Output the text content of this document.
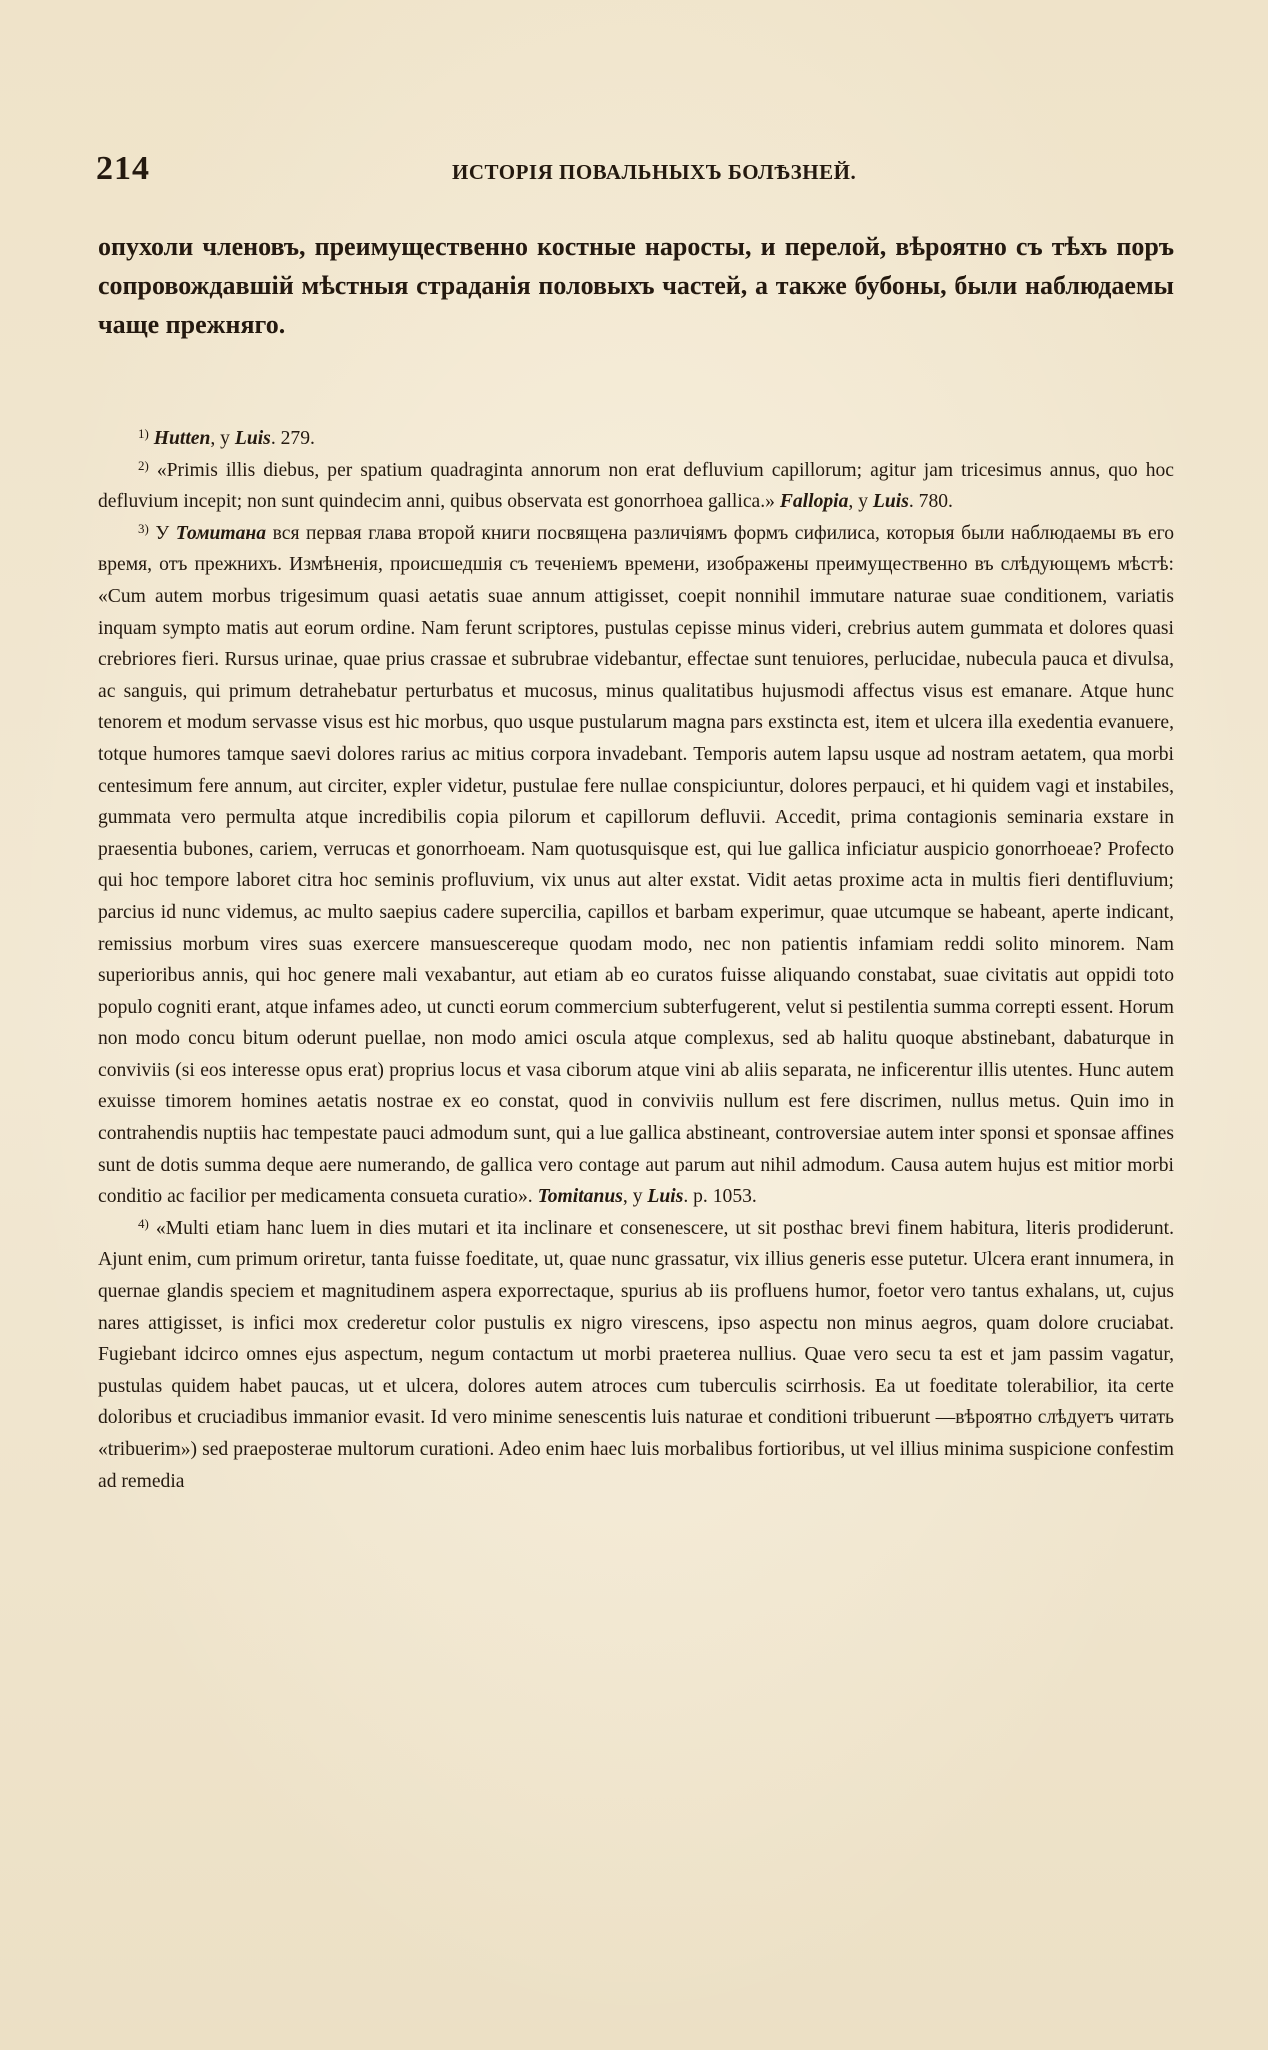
214	ИСТОРІЯ ПОВАЛЬНЫХЪ БОЛѢЗНЕЙ.
опухоли членовъ, преимущественно костные наросты, и перелой, вѣроятно съ тѣхъ поръ сопровождавшій мѣстныя страданія половыхъ частей, а также бубоны, были наблюдаемы чаще прежняго.

$^{1)}$ Hutten, у Luis. 279.

$^{2)}$ «Primis illis diebus, per spatium quadraginta annorum non erat defluvium capillorum; agitur jam tricesimus annus, quo hoc defluvium incepit; non sunt quindecim anni, quibus observata est gonorrhoea gallica.» Fallopia, у Luis. 780.

$^{3)}$ У Томитана вся первая глава второй книги посвящена различіямъ формъ сифилиса, которыя были наблюдаемы въ его время, отъ прежнихъ. Измѣненія, происшедшія съ теченіемъ времени, изображены преимущественно въ слѣдующемъ мѣстѣ: «Cum autem morbus trigesimum quasi aetatis suae annum attigisset, coepit nonnihil immutare naturae suae conditionem, variatis inquam sympto matis aut eorum ordine. Nam ferunt scriptores, pustulas cepisse minus videri, crebrius autem gummata et dolores quasi crebriores fieri. Rursus urinae, quae prius crassae et subrubrae videbantur, effectae sunt tenuiores, perlucidae, nubecula pauca et divulsa, ac sanguis, qui primum detrahebatur perturbatus et mucosus, minus qualitatibus hujusmodi affectus visus est emanare. Atque hunc tenorem et modum servasse visus est hic morbus, quo usque pustularum magna pars exstincta est, item et ulcera illa exedentia evanuere, totque humores tamque saevi dolores rarius ac mitius corpora invadebant. Temporis autem lapsu usque ad nostram aetatem, qua morbi centesimum fere annum, aut circiter, expler videtur, pustulae fere nullae conspiciuntur, dolores perpauci, et hi quidem vagi et instabiles, gummata vero permulta atque incredibilis copia pilorum et capillorum defluvii. Accedit, prima contagionis seminaria exstare in praesentia bubones, cariem, verrucas et gonorrhoeam. Nam quotusquisque est, qui lue gallica inficiatur auspicio gonorrhoeae? Profecto qui hoc tempore laboret citra hoc seminis profluvium, vix unus aut alter exstat. Vidit aetas proxime acta in multis fieri dentifluvium; parcius id nunc videmus, ac multo saepius cadere supercilia, capillos et barbam experimur, quae utcumque se habeant, aperte indicant, remissius morbum vires suas exercere mansuescereque quodam modo, nec non patientis infamiam reddi solito minorem. Nam superioribus annis, qui hoc genere mali vexabantur, aut etiam ab eo curatos fuisse aliquando constabat, suae civitatis aut oppidi toto populo cogniti erant, atque infames adeo, ut cuncti eorum commercium subterfugerent, velut si pestilentia summa correpti essent. Horum non modo concu bitum oderunt puellae, non modo amici oscula atque complexus, sed ab halitu quoque abstinebant, dabaturque in conviviis (si eos interesse opus erat) proprius locus et vasa ciborum atque vini ab aliis separata, ne inficerentur illis utentes. Hunc autem exuisse timorem homines aetatis nostrae ex eo constat, quod in conviviis nullum est fere discrimen, nullus metus. Quin imo in contrahendis nuptiis hac tempestate pauci admodum sunt, qui a lue gallica abstineant, controversiae autem inter sponsi et sponsae affines sunt de dotis summa deque aere numerando, de gallica vero contage aut parum aut nihil admodum. Causa autem hujus est mitior morbi conditio ac facilior per medicamenta consueta curatio». Tomitanus, у Luis. p. 1053.

$^{4)}$ «Multi etiam hanc luem in dies mutari et ita inclinare et consenescere, ut sit posthac brevi finem habitura, literis prodiderunt. Ajunt enim, cum primum oriretur, tanta fuisse foeditate, ut, quae nunc grassatur, vix illius generis esse putetur. Ulcera erant innumera, in quernae glandis speciem et magnitudinem aspera exporrectaque, spurius ab iis profluens humor, foetor vero tantus exhalans, ut, cujus nares attigisset, is infici mox crederetur color pustulis ex nigro virescens, ipso aspectu non minus aegros, quam dolore cruciabat. Fugiebant idcirco omnes ejus aspectum, negum contactum ut morbi praeterea nullius. Quae vero secu ta est et jam passim vagatur, pustulas quidem habet paucas, ut et ulcera, dolores autem atroces cum tuberculis scirrhosis. Ea ut foeditate tolerabilior, ita certe doloribus et cruciadibus immanior evasit. Id vero minime senescentis luis naturae et conditioni tribuerunt —вѣроятно слѣдуетъ читать «tribuerim») sed praeposterae multorum curationi. Adeo enim haec luis morbalibus fortioribus, ut vel illius minima suspicione confestim ad remedia
